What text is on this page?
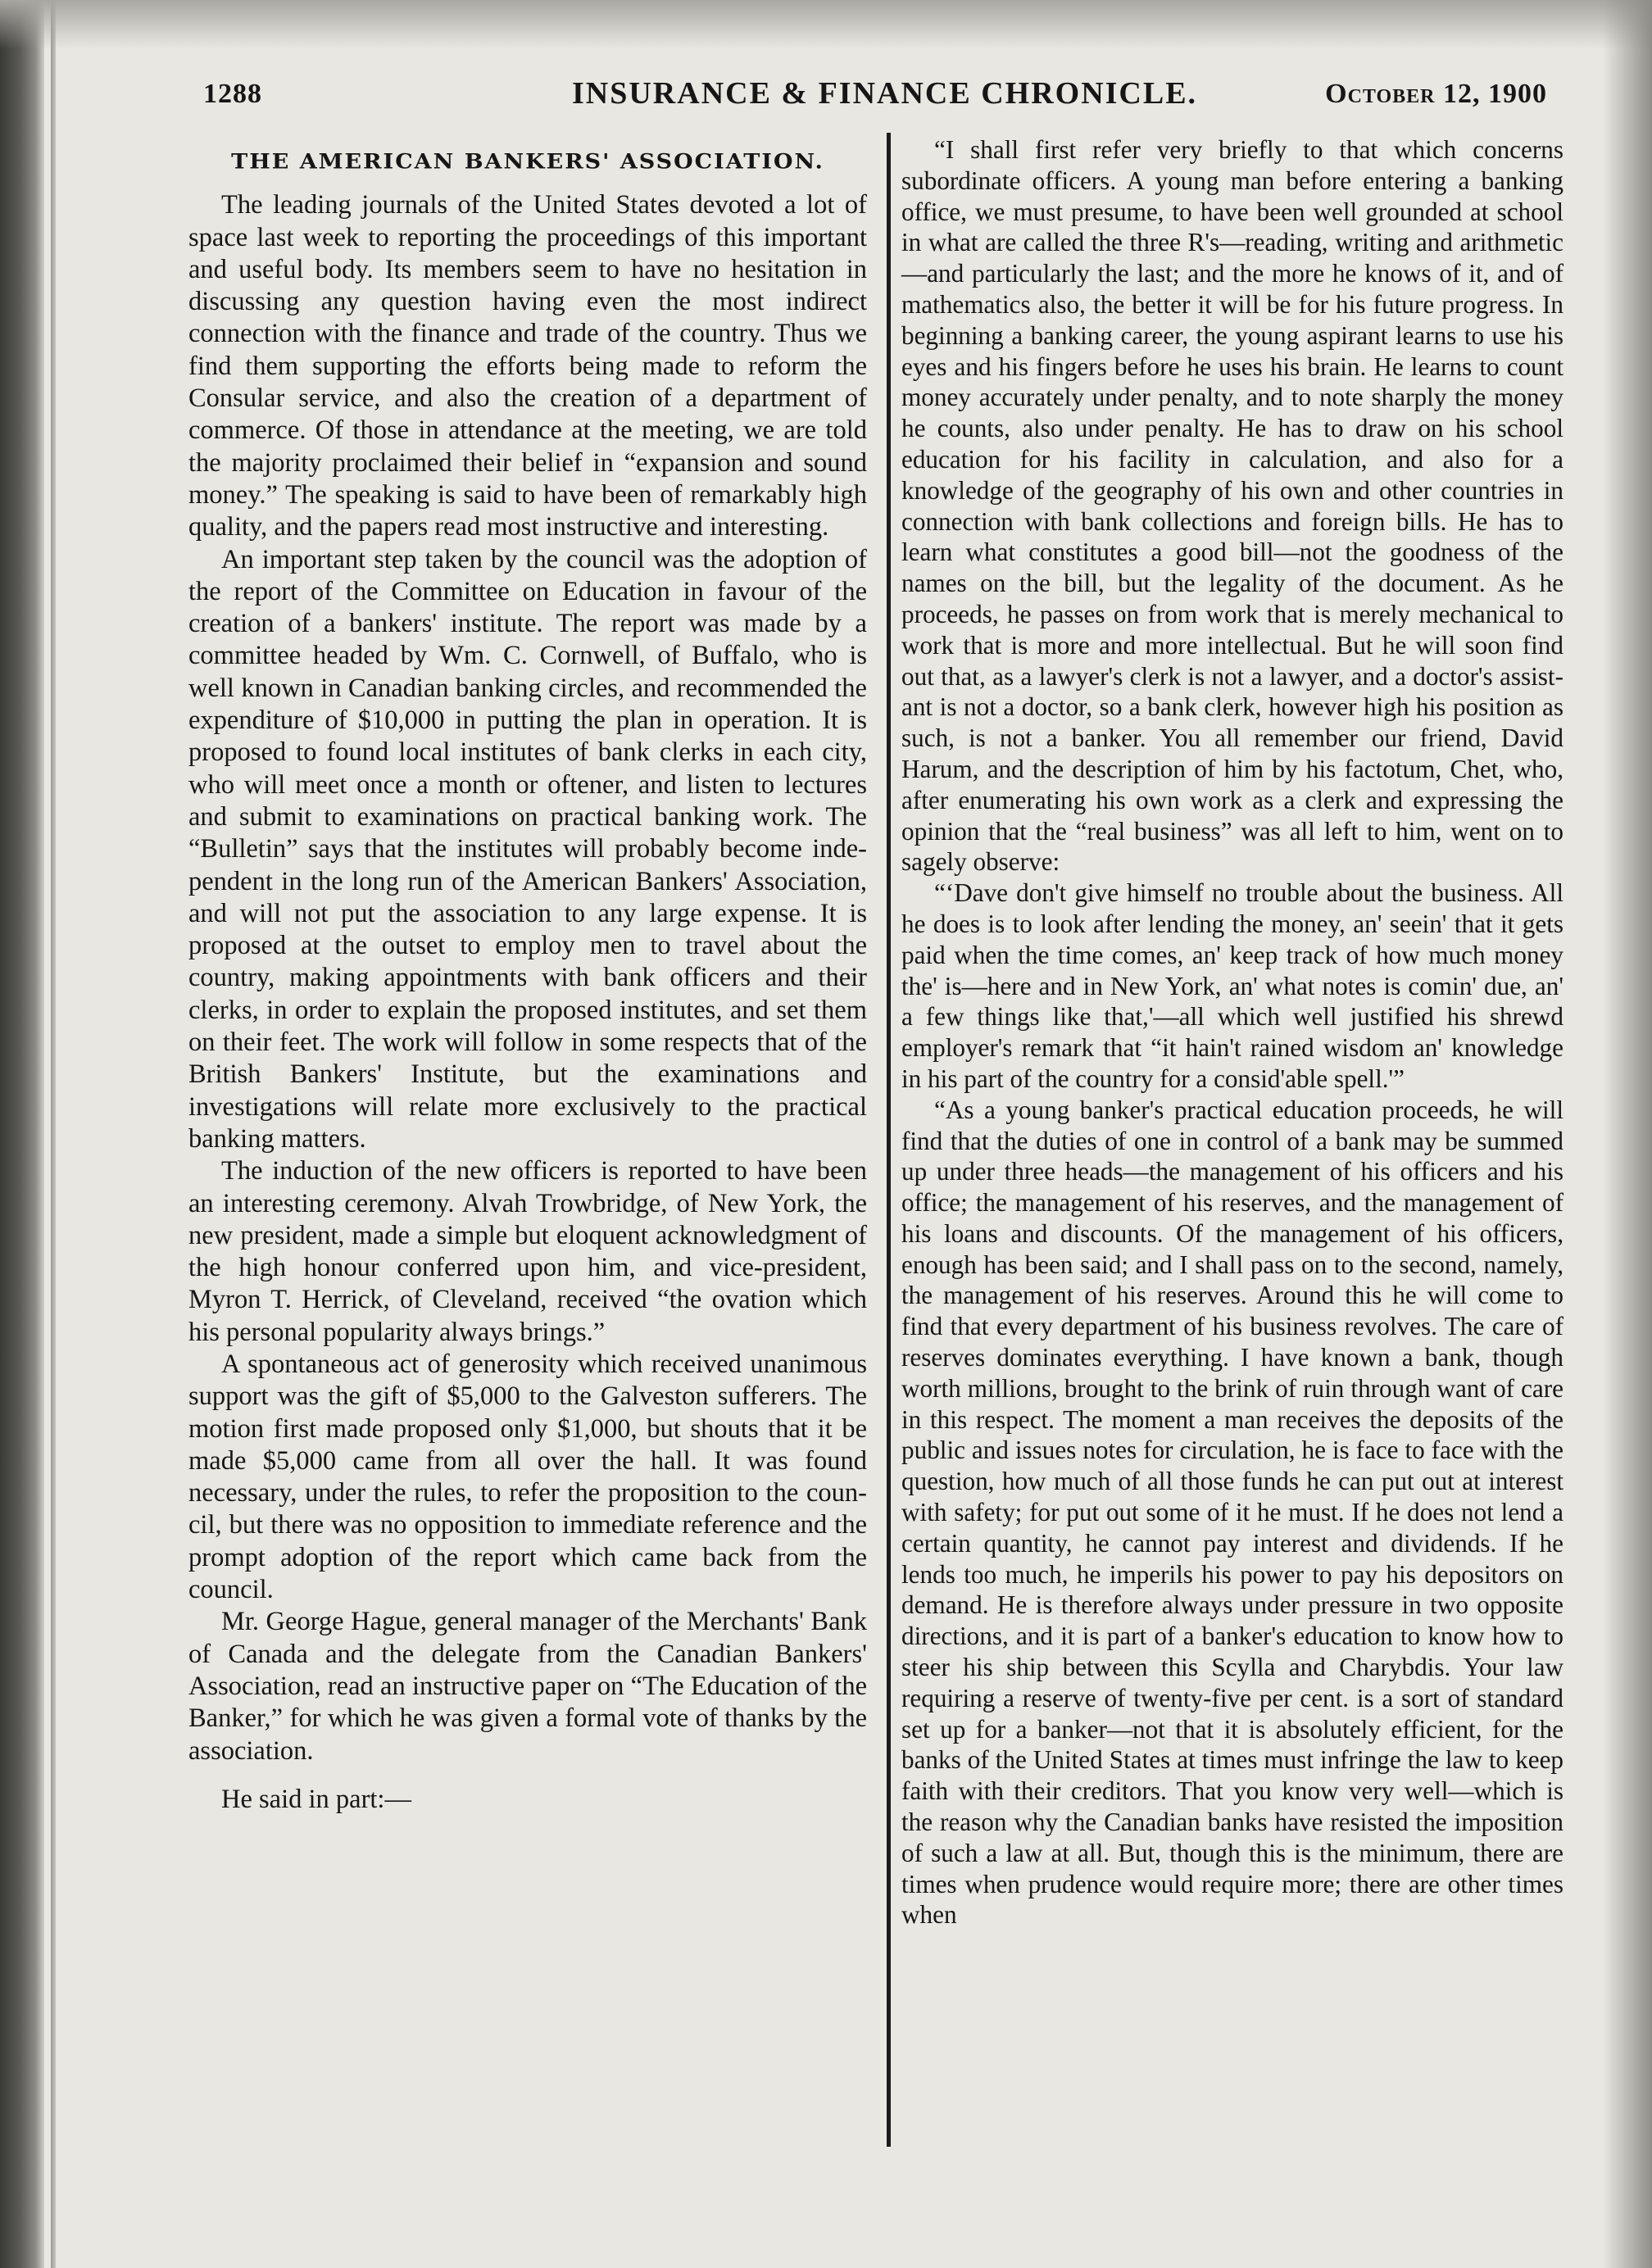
1288	INSURANCE & FINANCE CHRONICLE.	October 12, 1900
THE AMERICAN BANKERS' ASSOCIATION.

The leading journals of the United States devoted a lot of space last week to reporting the proceedings of this important and useful body. Its members seem to have no hesitation in discussing any question having even the most indirect connection with the finance and trade of the country. Thus we find them supporting the efforts being made to reform the Consular service, and also the creation of a department of commerce. Of those in attendance at the meeting, we are told the majority proclaimed their belief in “expansion and sound money.” The speaking is said to have been of remarkably high quality, and the papers read most instructive and interesting.

An important step taken by the council was the adoption of the report of the Committee on Education in favour of the creation of a bankers' institute. The report was made by a committee headed by Wm. C. Cornwell, of Buffalo, who is well known in Canadian banking circles, and recommended the expenditure of $10,000 in putting the plan in operation. It is proposed to found local institutes of bank clerks in each city, who will meet once a month or oftener, and listen to lectures and submit to examinations on practical banking work. The “Bulletin” says that the institutes will probably become independent in the long run of the American Bankers' Association, and will not put the association to any large expense. It is proposed at the outset to employ men to travel about the country, making appointments with bank officers and their clerks, in order to explain the proposed institutes, and set them on their feet. The work will follow in some respects that of the British Bankers' Institute, but the examinations and investigations will relate more exclusively to the practical banking matters.

The induction of the new officers is reported to have been an interesting ceremony. Alvah Trowbridge, of New York, the new president, made a simple but eloquent acknowledgment of the high honour conferred upon him, and vice-president, Myron T. Herrick, of Cleveland, received “the ovation which his personal popularity always brings.”

A spontaneous act of generosity which received unanimous support was the gift of $5,000 to the Galveston sufferers. The motion first made proposed only $1,000, but shouts that it be made $5,000 came from all over the hall. It was found necessary, under the rules, to refer the proposition to the council, but there was no opposition to immediate reference and the prompt adoption of the report which came back from the council.

Mr. George Hague, general manager of the Merchants' Bank of Canada and the delegate from the Canadian Bankers' Association, read an instructive paper on “The Education of the Banker,” for which he was given a formal vote of thanks by the association.

He said in part:—

“I shall first refer very briefly to that which concerns subordinate officers. A young man before entering a banking office, we must presume, to have been well grounded at school in what are called the three R's—reading, writing and arithmetic—and particularly the last; and the more he knows of it, and of mathematics also, the better it will be for his future progress. In beginning a banking career, the young aspirant learns to use his eyes and his fingers before he uses his brain. He learns to count money accurately under penalty, and to note sharply the money he counts, also under penalty. He has to draw on his school education for his facility in calculation, and also for a knowledge of the geography of his own and other countries in connection with bank collections and foreign bills. He has to learn what constitutes a good bill—not the goodness of the names on the bill, but the legality of the document. As he proceeds, he passes on from work that is merely mechanical to work that is more and more intellectual. But he will soon find out that, as a lawyer's clerk is not a lawyer, and a doctor's assistant is not a doctor, so a bank clerk, however high his position as such, is not a banker. You all remember our friend, David Harum, and the description of him by his factotum, Chet, who, after enumerating his own work as a clerk and expressing the opinion that the “real business” was all left to him, went on to sagely observe:

“‘Dave don't give himself no trouble about the business. All he does is to look after lending the money, an' seein' that it gets paid when the time comes, an' keep track of how much money the' is—here and in New York, an' what notes is comin' due, an' a few things like that,'—all which well justified his shrewd employer's remark that “it hain't rained wisdom an' knowledge in his part of the country for a consid'able spell.'”

“As a young banker's practical education proceeds, he will find that the duties of one in control of a bank may be summed up under three heads—the management of his officers and his office; the management of his reserves, and the management of his loans and discounts. Of the management of his officers, enough has been said; and I shall pass on to the second, namely, the management of his reserves. Around this he will come to find that every department of his business revolves. The care of reserves dominates everything. I have known a bank, though worth millions, brought to the brink of ruin through want of care in this respect. The moment a man receives the deposits of the public and issues notes for circulation, he is face to face with the question, how much of all those funds he can put out at interest with safety; for put out some of it he must. If he does not lend a certain quantity, he cannot pay interest and dividends. If he lends too much, he imperils his power to pay his depositors on demand. He is therefore always under pressure in two opposite directions, and it is part of a banker's education to know how to steer his ship between this Scylla and Charybdis. Your law requiring a reserve of twenty-five per cent. is a sort of standard set up for a banker—not that it is absolutely efficient, for the banks of the United States at times must infringe the law to keep faith with their creditors. That you know very well—which is the reason why the Canadian banks have resisted the imposition of such a law at all. But, though this is the minimum, there are times when prudence would require more; there are other times when
